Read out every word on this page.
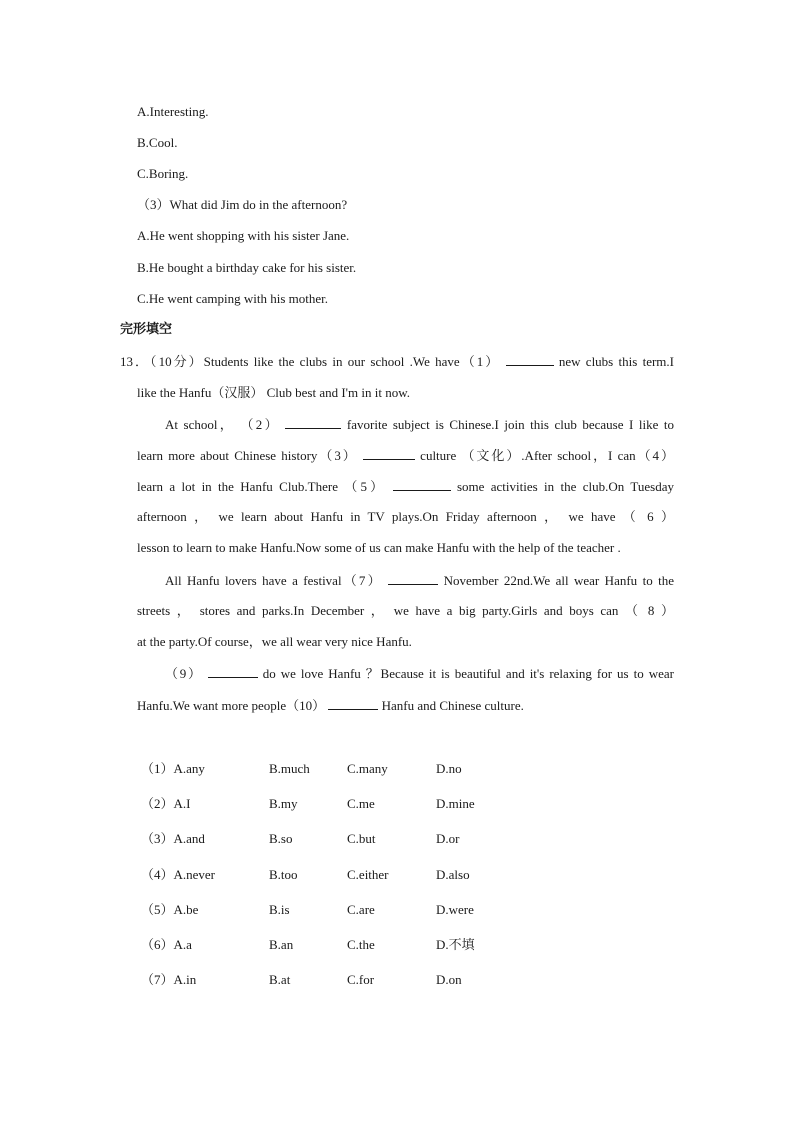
A.Interesting.
B.Cool.
C.Boring.
（3）What did Jim do in the afternoon?
A.He went shopping with his sister Jane.
B.He bought a birthday cake for his sister.
C.He went camping with his mother.
完形填空
13．（10分）Students like the clubs in our school .We have（1）	new clubs this term.I
like the Hanfu（汉服） Club best and I'm in it now.
At school， （2）	favorite subject is Chinese.I join this club because I like to
learn more about Chinese history（3）	culture （文化）.After school，I can（4）
learn a lot in the Hanfu Club.There （5）	some activities in the club.On Tuesday
afternoon ， we learn about Hanfu in TV plays.On Friday afternoon ， we have （ 6 ）
lesson to learn to make Hanfu.Now some of us can make Hanfu with the help of the teacher .
All Hanfu lovers have a festival（7）	November 22nd.We all wear Hanfu to the
streets ， stores and parks.In December ， we have a big party.Girls and boys can （ 8 ）
at the party.Of course，we all wear very nice Hanfu.
（9）	do we love Hanfu ？Because it is beautiful and it's relaxing for us to wear
Hanfu.We want more people（10）	Hanfu and Chinese culture.
（1）A.any	B.much	C.many	D.no
（2）A.I	B.my	C.me	D.mine
（3）A.and	B.so	C.but	D.or
（4）A.never	B.too	C.either	D.also
（5）A.be	B.is	C.are	D.were
（6）A.a	B.an	C.the	D.不填
（7）A.in	B.at	C.for	D.on
